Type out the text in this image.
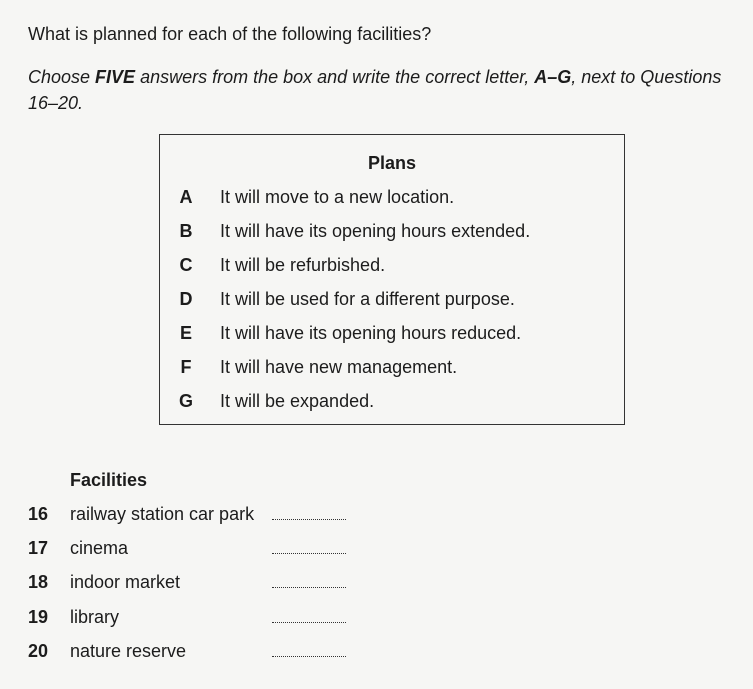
What is planned for each of the following facilities?
Choose FIVE answers from the box and write the correct letter, A–G, next to Questions 16–20.
Plans
A It will move to a new location.
B It will have its opening hours extended.
C It will be refurbished.
D It will be used for a different purpose.
E It will have its opening hours reduced.
F It will have new management.
G It will be expanded.
Facilities
16 railway station car park
17 cinema
18 indoor market
19 library
20 nature reserve
